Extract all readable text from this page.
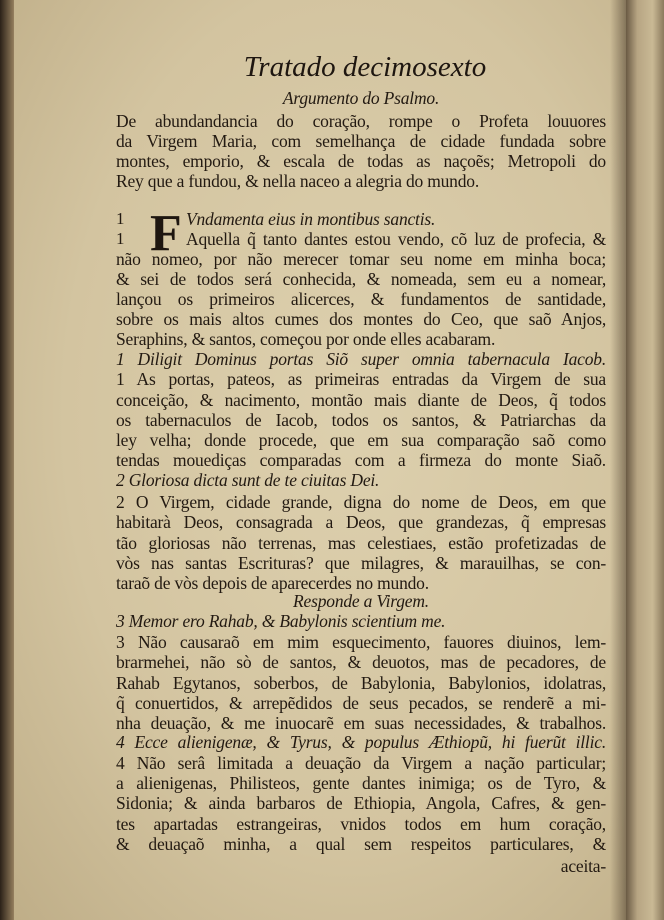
Tratado decimosexto
Argumento do Psalmo.
De abundandancia do coração, rompe o Profeta louuores
da Virgem Maria, com semelhança de cidade fundada sobre
montes, emporio, & escala de todas as naçoẽs; Metropoli do
Rey que a fundou, & nella naceo a alegria do mundo.
1 F Vndamenta eius in montibus sanctis.
1	Aquella q̃ tanto dantes estou vendo, cõ luz de profecia, &
não nomeo, por não merecer tomar seu nome em minha boca;
& sei de todos será conhecida, & nomeada, sem eu a nomear,
lançou os primeiros alicerces, & fundamentos de santidade,
sobre os mais altos cumes dos montes do Ceo, que saõ Anjos,
Seraphins, & santos, começou por onde elles acabaram.
1 Diligit Dominus portas Siõ super omnia tabernacula Iacob.
1 As portas, pateos, as primeiras entradas da Virgem de sua
conceição, & nacimento, montão mais diante de Deos, q̃ todos
os tabernaculos de Iacob, todos os santos, & Patriarchas da
ley velha; donde procede, que em sua comparação saõ como
tendas mouediças comparadas com a firmeza do monte Siaõ.
2 Gloriosa dicta sunt de te ciuitas Dei.
2 O Virgem, cidade grande, digna do nome de Deos, em que
habitarà Deos, consagrada a Deos, que grandezas, q̃ empresas
tão gloriosas não terrenas, mas celestiaes, estão profetizadas de
vòs nas santas Escrituras? que milagres, & marauilhas, se con-
taraõ de vòs depois de aparecerdes no mundo.
Responde a Virgem.
3 Memor ero Rahab, & Babylonis scientium me.
3 Não causaraõ em mim esquecimento, fauores diuinos, lem-
brarmehei, não sò de santos, & deuotos, mas de pecadores, de
Rahab Egytanos, soberbos, de Babylonia, Babylonios, idolatras,
q̃ conuertidos, & arrepẽdidos de seus pecados, se renderẽ a mi-
nha deuação, & me inuocarẽ em suas necessidades, & trabalhos.
4 Ecce alienigenæ, & Tyrus, & populus Æthiopũ, hi fuerũt illic.
4 Não serâ limitada a deuação da Virgem a nação particular;
a alienigenas, Philisteos, gente dantes inimiga; os de Tyro, &
Sidonia; & ainda barbaros de Ethiopia, Angola, Cafres, & gen-
tes apartadas estrangeiras, vnidos todos em hum coração,
& deuaçaõ minha, a qual sem respeitos particulares, &
aceita-
